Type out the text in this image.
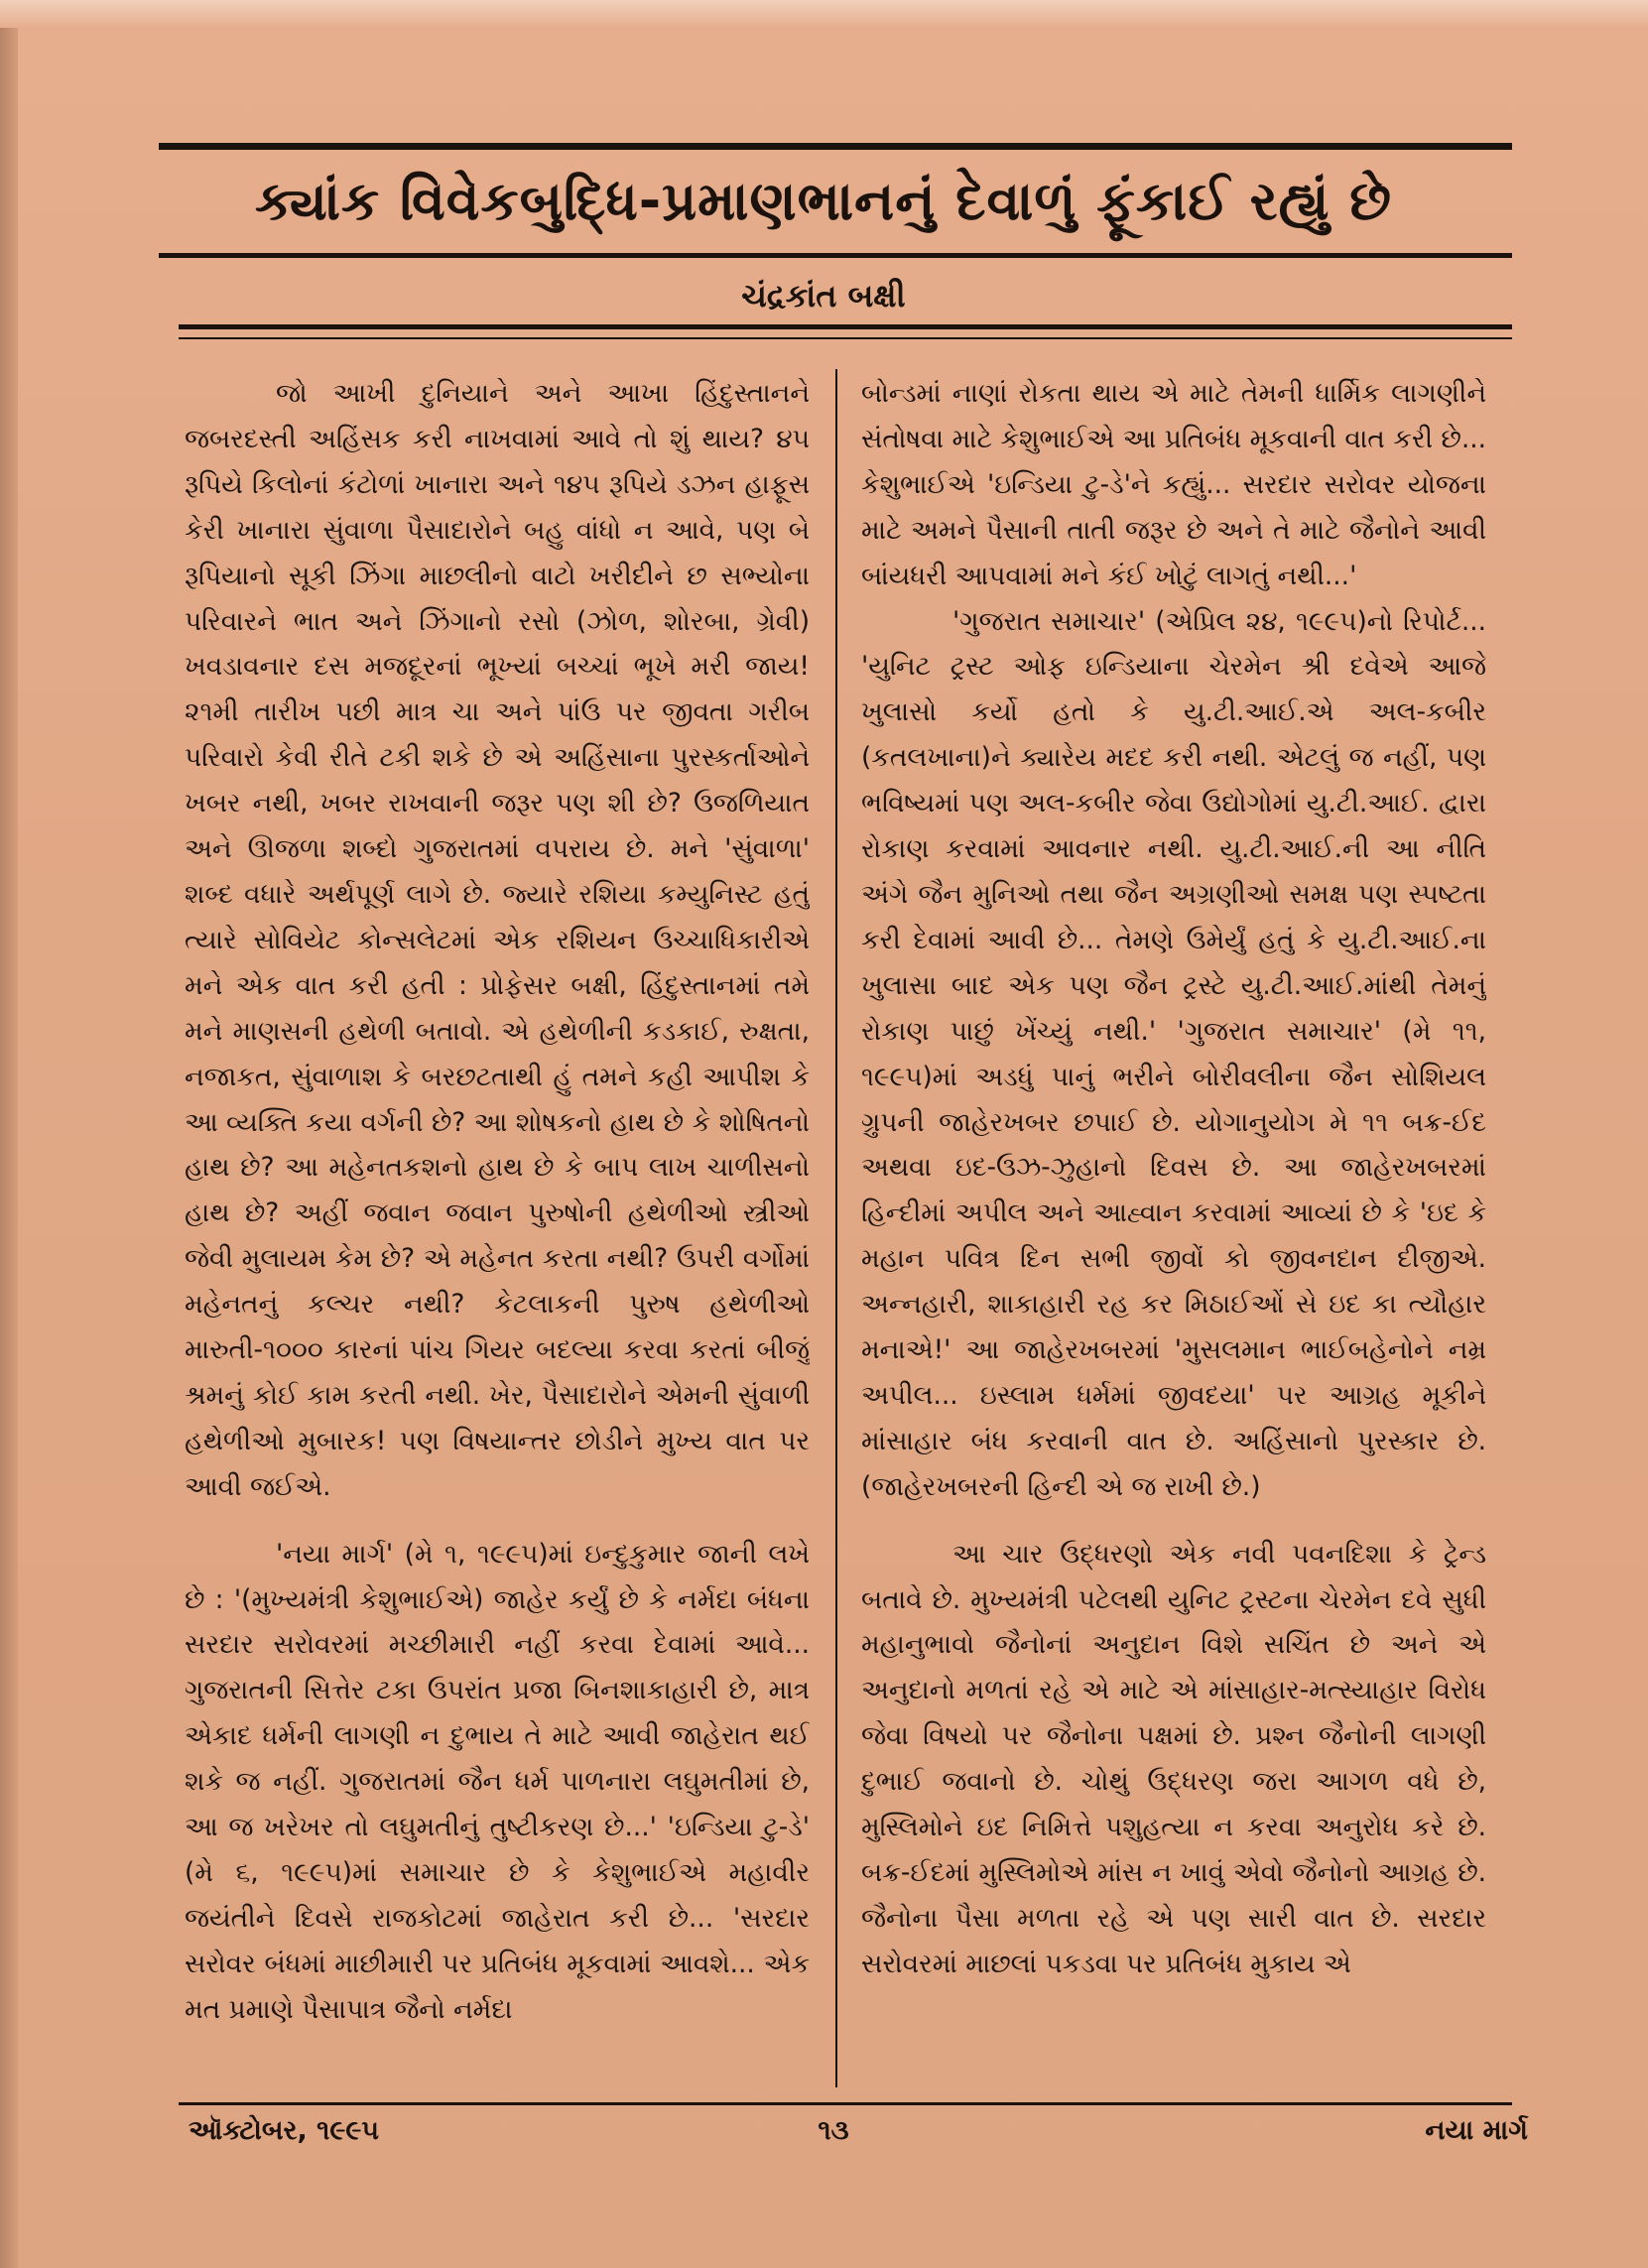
ક્યાંક વિવેકબુદ્ધિ-પ્રમાણભાનનું દેવાળું ફૂંકાઈ રહ્યું છે
ચંદ્રકાંત બક્ષી

જો આખી દુનિયાને અને આખા હિંદુસ્તાનને જબરદસ્તી અહિંસક કરી નાખવામાં આવે તો શું થાય? ૪૫ રૂપિયે કિલોનાં કંટોળાં ખાનારા અને ૧૪૫ રૂપિયે ડઝન હાફૂસ કેરી ખાનારા સુંવાળા પૈસાદારોને બહુ વાંધો ન આવે, પણ બે રૂપિયાનો સૂકી ઝિંગા માછલીનો વાટો ખરીદીને છ સભ્યોના પરિવારને ભાત અને ઝિંગાનો રસો (ઝોળ, શોરબા, ગ્રેવી) ખવડાવનાર દસ મજદૂરનાં ભૂખ્યાં બચ્ચાં ભૂખે મરી જાય! ૨૧મી તારીખ પછી માત્ર ચા અને પાંઉ પર જીવતા ગરીબ પરિવારો કેવી રીતે ટકી શકે છે એ અહિંસાના પુરસ્કર્તાઓને ખબર નથી, ખબર રાખવાની જરૂર પણ શી છે? ઉજળિયાત અને ઊજળા શબ્દો ગુજરાતમાં વપરાય છે. મને 'સુંવાળા' શબ્દ વધારે અર્થપૂર્ણ લાગે છે. જ્યારે રશિયા કમ્યુનિસ્ટ હતું ત્યારે સોવિયેટ કોન્સલેટમાં એક રશિયન ઉચ્ચાધિકારીએ મને એક વાત કરી હતી : પ્રોફેસર બક્ષી, હિંદુસ્તાનમાં તમે મને માણસની હથેળી બતાવો. એ હથેળીની કડકાઈ, રુક્ષતા, નજાકત, સુંવાળાશ કે બરછટતાથી હું તમને કહી આપીશ કે આ વ્યક્તિ કયા વર્ગની છે? આ શોષકનો હાથ છે કે શોષિતનો હાથ છે? આ મહેનતકશનો હાથ છે કે બાપ લાખ ચાળીસનો હાથ છે? અહીં જવાન જવાન પુરુષોની હથેળીઓ સ્ત્રીઓ જેવી મુલાયમ કેમ છે? એ મહેનત કરતા નથી? ઉપરી વર્ગોમાં મહેનતનું કલ્ચર નથી? કેટલાકની પુરુષ હથેળીઓ મારુતી-૧૦૦૦ કારનાં પાંચ ગિયર બદલ્યા કરવા કરતાં બીજું શ્રમનું કોઈ કામ કરતી નથી. ખેર, પૈસાદારોને એમની સુંવાળી હથેળીઓ મુબારક! પણ વિષયાન્તર છોડીને મુખ્ય વાત પર આવી જઈએ.

'નયા માર્ગ' (મે ૧, ૧૯૯૫)માં ઇન્દુકુમાર જાની લખે છે : '(મુખ્યમંત્રી કેશુભાઈએ) જાહેર કર્યું છે કે નર્મદા બંધના સરદાર સરોવરમાં મચ્છીમારી નહીં કરવા દેવામાં આવે... ગુજરાતની સિત્તેર ટકા ઉપરાંત પ્રજા બિનશાકાહારી છે, માત્ર એકાદ ધર્મની લાગણી ન દુભાય તે માટે આવી જાહેરાત થઈ શકે જ નહીં. ગુજરાતમાં જૈન ધર્મ પાળનારા લઘુમતીમાં છે, આ જ ખરેખર તો લઘુમતીનું તુષ્ટીકરણ છે...' 'ઇન્ડિયા ટુ-ડે' (મે ૬, ૧૯૯૫)માં સમાચાર છે કે કેશુભાઈએ મહાવીર જયંતીને દિવસે રાજકોટમાં જાહેરાત કરી છે... 'સરદાર સરોવર બંધમાં માછીમારી પર પ્રતિબંધ મૂકવામાં આવશે... એક મત પ્રમાણે પૈસાપાત્ર જૈનો નર્મદા

બોન્ડમાં નાણાં રોકતા થાય એ માટે તેમની ધાર્મિક લાગણીને સંતોષવા માટે કેશુભાઈએ આ પ્રતિબંધ મૂકવાની વાત કરી છે... કેશુભાઈએ 'ઇન્ડિયા ટુ-ડે'ને કહ્યું... સરદાર સરોવર યોજના માટે અમને પૈસાની તાતી જરૂર છે અને તે માટે જૈનોને આવી બાંયધરી આપવામાં મને કંઈ ખોટું લાગતું નથી...'

'ગુજરાત સમાચાર' (એપ્રિલ ૨૪, ૧૯૯૫)નો રિપોર્ટ... 'યુનિટ ટ્રસ્ટ ઓફ ઇન્ડિયાના ચેરમેન શ્રી દવેએ આજે ખુલાસો કર્યો હતો કે યુ.ટી.આઈ.એ અલ-કબીર (કતલખાના)ને ક્યારેય મદદ કરી નથી. એટલું જ નહીં, પણ ભવિષ્યમાં પણ અલ-કબીર જેવા ઉદ્યોગોમાં યુ.ટી.આઈ. દ્વારા રોકાણ કરવામાં આવનાર નથી. યુ.ટી.આઈ.ની આ નીતિ અંગે જૈન મુનિઓ તથા જૈન અગ્રણીઓ સમક્ષ પણ સ્પષ્ટતા કરી દેવામાં આવી છે... તેમણે ઉમેર્યું હતું કે યુ.ટી.આઈ.ના ખુલાસા બાદ એક પણ જૈન ટ્રસ્ટે યુ.ટી.આઈ.માંથી તેમનું રોકાણ પાછું ખેંચ્યું નથી.' 'ગુજરાત સમાચાર' (મે ૧૧, ૧૯૯૫)માં અડધું પાનું ભરીને બોરીવલીના જૈન સોશિયલ ગ્રુપની જાહેરખબર છપાઈ છે. યોગાનુયોગ મે ૧૧ બક્ર-ઈદ અથવા ઇદ-ઉઝ-ઝુહાનો દિવસ છે. આ જાહેરખબરમાં હિન્દીમાં અપીલ અને આહ્વાન કરવામાં આવ્યાં છે કે 'ઇદ કે મહાન પવિત્ર દિન સભી જીવોં કો જીવનદાન દીજીએ. અન્નહારી, શાકાહારી રહ કર મિઠાઈઓં સે ઇદ કા ત્યૌહાર મનાએ!' આ જાહેરખબરમાં 'મુસલમાન ભાઈબહેનોને નમ્ર અપીલ... ઇસ્લામ ધર્મમાં જીવદયા' પર આગ્રહ મૂકીને માંસાહાર બંધ કરવાની વાત છે. અહિંસાનો પુરસ્કાર છે. (જાહેરખબરની હિન્દી એ જ રાખી છે.)

આ ચાર ઉદ્ધરણો એક નવી પવનદિશા કે ટ્રેન્ડ બતાવે છે. મુખ્યમંત્રી પટેલથી યુનિટ ટ્રસ્ટના ચેરમેન દવે સુધી મહાનુભાવો જૈનોનાં અનુદાન વિશે સચિંત છે અને એ અનુદાનો મળતાં રહે એ માટે એ માંસાહાર-મત્સ્યાહાર વિરોધ જેવા વિષયો પર જૈનોના પક્ષમાં છે. પ્રશ્ન જૈનોની લાગણી દુભાઈ જવાનો છે. ચોથું ઉદ્ધરણ જરા આગળ વધે છે, મુસ્લિમોને ઇદ નિમિત્તે પશુહત્યા ન કરવા અનુરોધ કરે છે. બક્ર-ઈદમાં મુસ્લિમોએ માંસ ન ખાવું એવો જૈનોનો આગ્રહ છે. જૈનોના પૈસા મળતા રહે એ પણ સારી વાત છે. સરદાર સરોવરમાં માછલાં પકડવા પર પ્રતિબંધ મુકાય એ

ઑક્ટોબર, ૧૯૯૫	૧૩	નયા માર્ગ
